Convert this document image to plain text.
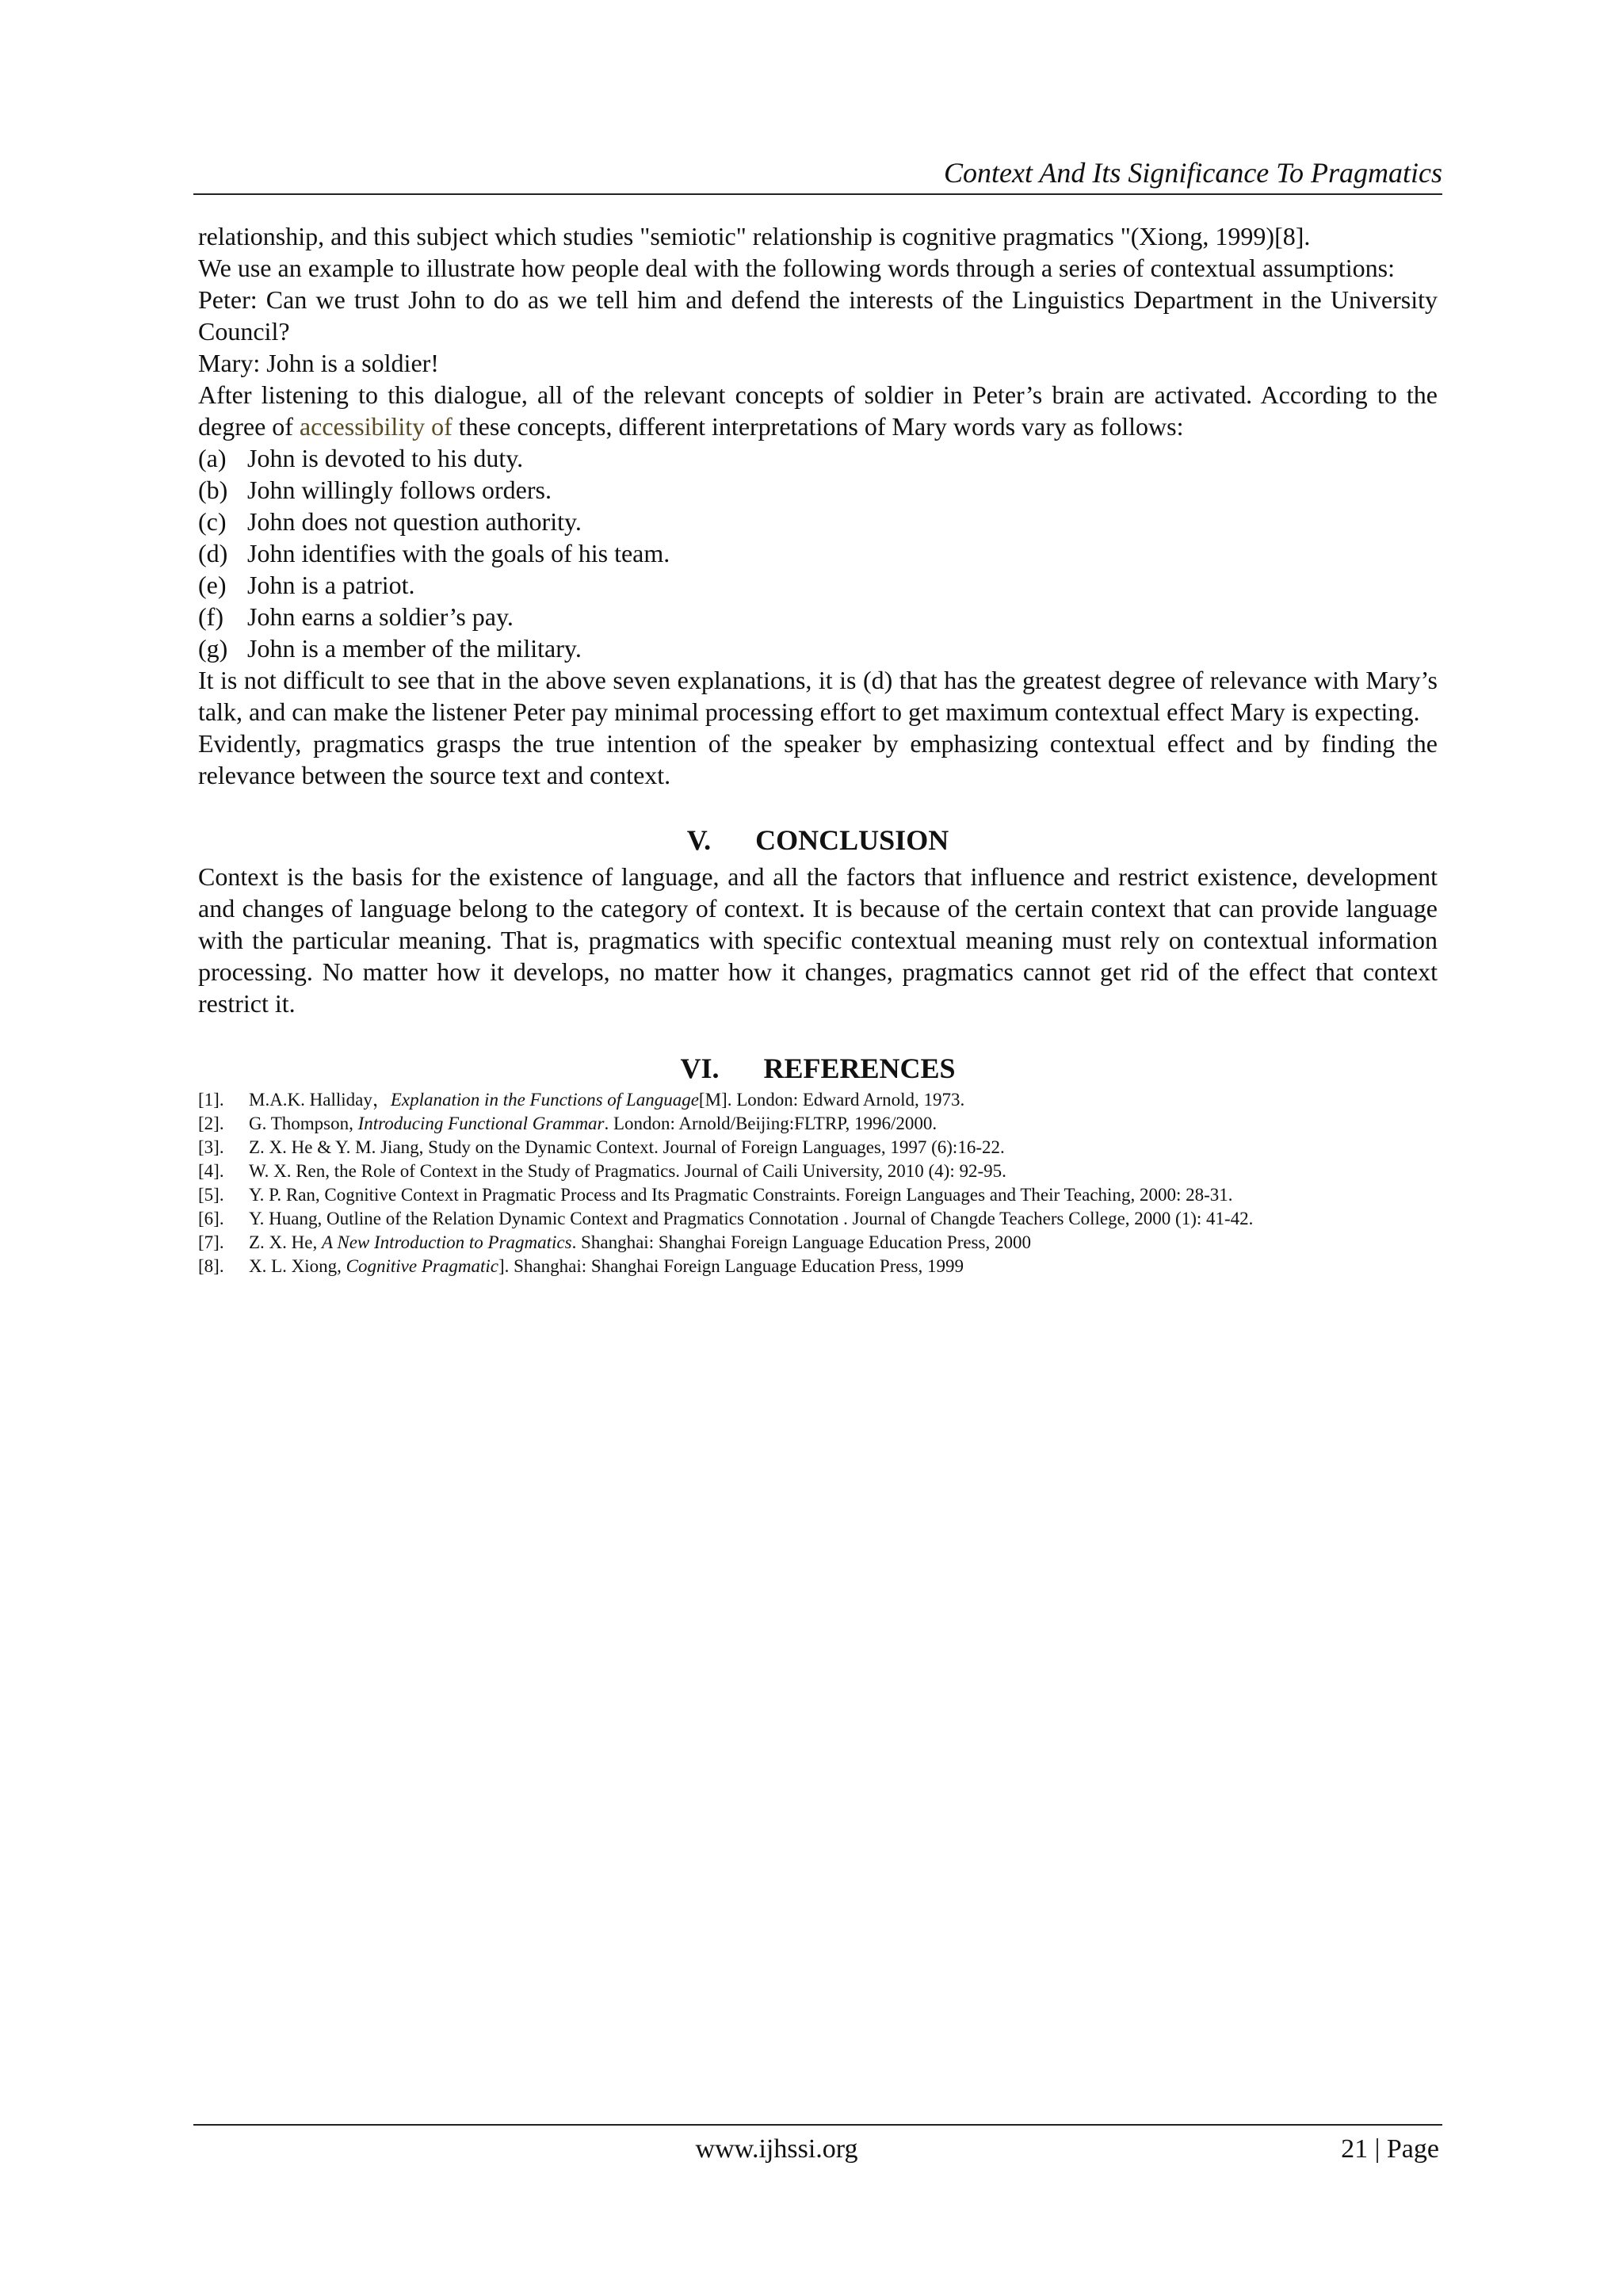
Context And Its Significance To Pragmatics

relationship, and this subject which studies "semiotic" relationship is cognitive pragmatics "(Xiong, 1999)[8].

We use an example to illustrate how people deal with the following words through a series of contextual assumptions:

Peter: Can we trust John to do as we tell him and defend the interests of the Linguistics Department in the University Council?

Mary: John is a soldier!

After listening to this dialogue, all of the relevant concepts of soldier in Peter’s brain are activated. According to the degree of accessibility of these concepts, different interpretations of Mary words vary as follows:

(a) John is devoted to his duty.
(b) John willingly follows orders.
(c) John does not question authority.
(d) John identifies with the goals of his team.
(e) John is a patriot.
(f) John earns a soldier’s pay.
(g) John is a member of the military.

It is not difficult to see that in the above seven explanations, it is (d) that has the greatest degree of relevance with Mary’s talk, and can make the listener Peter pay minimal processing effort to get maximum contextual effect Mary is expecting.

Evidently, pragmatics grasps the true intention of the speaker by emphasizing contextual effect and by finding the relevance between the source text and context.

V. CONCLUSION

Context is the basis for the existence of language, and all the factors that influence and restrict existence, development and changes of language belong to the category of context. It is because of the certain context that can provide language with the particular meaning. That is, pragmatics with specific contextual meaning must rely on contextual information processing. No matter how it develops, no matter how it changes, pragmatics cannot get rid of the effect that context restrict it.

VI. REFERENCES
[1].	M.A.K. Halliday，Explanation in the Functions of Language[M]. London: Edward Arnold, 1973.
[2].	G. Thompson, Introducing Functional Grammar. London: Arnold/Beijing:FLTRP, 1996/2000.
[3].	Z. X. He & Y. M. Jiang, Study on the Dynamic Context. Journal of Foreign Languages, 1997 (6):16-22.
[4].	W. X. Ren, the Role of Context in the Study of Pragmatics. Journal of Caili University, 2010 (4): 92-95.
[5].	Y. P. Ran, Cognitive Context in Pragmatic Process and Its Pragmatic Constraints. Foreign Languages and Their Teaching, 2000: 28-31.
[6].	Y. Huang, Outline of the Relation Dynamic Context and Pragmatics Connotation . Journal of Changde Teachers College, 2000 (1): 41-42.
[7].	Z. X. He, A New Introduction to Pragmatics. Shanghai: Shanghai Foreign Language Education Press, 2000
[8].	X. L. Xiong, Cognitive Pragmatic]. Shanghai: Shanghai Foreign Language Education Press, 1999
www.ijhssi.org	21 | Page
